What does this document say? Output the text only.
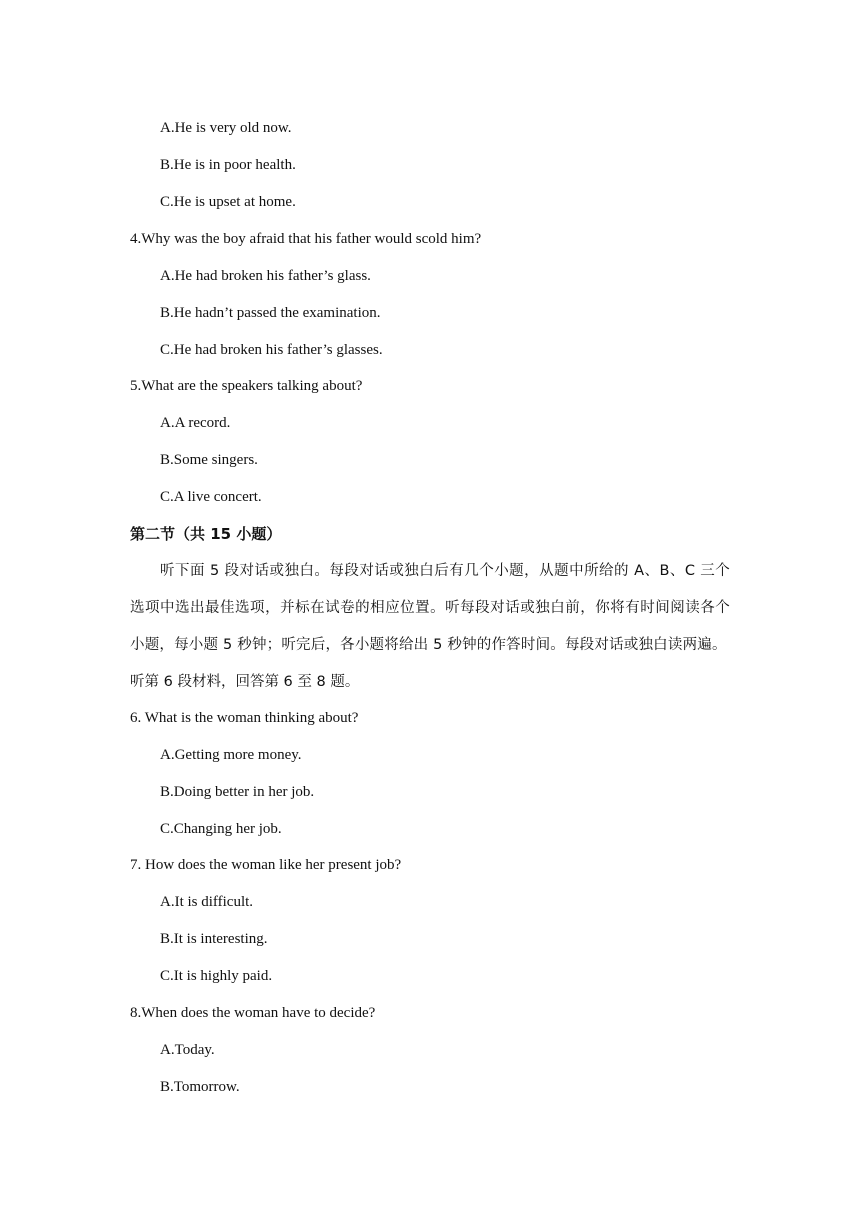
A.He is very old now.
B.He is in poor health.
C.He is upset at home.
4.Why was the boy afraid that his father would scold him?
A.He had broken his father’s glass.
B.He hadn’t passed the examination.
C.He had broken his father’s glasses.
5.What are the speakers talking about?
A.A record.
B.Some singers.
C.A live concert.
第二节（共 15 小题）
听下面 5 段对话或独白。每段对话或独白后有几个小题，从题中所给的 A、B、C 三个选项中选出最佳选项，并标在试卷的相应位置。听每段对话或独白前，你将有时间阅读各个小题，每小题 5 秒钟；听完后，各小题将给出 5 秒钟的作答时间。每段对话或独白读两遍。
听第 6 段材料，回答第 6 至 8 题。
6. What is the woman thinking about?
A.Getting more money.
B.Doing better in her job.
C.Changing her job.
7. How does the woman like her present job?
A.It is difficult.
B.It is interesting.
C.It is highly paid.
8.When does the woman have to decide?
A.Today.
B.Tomorrow.
